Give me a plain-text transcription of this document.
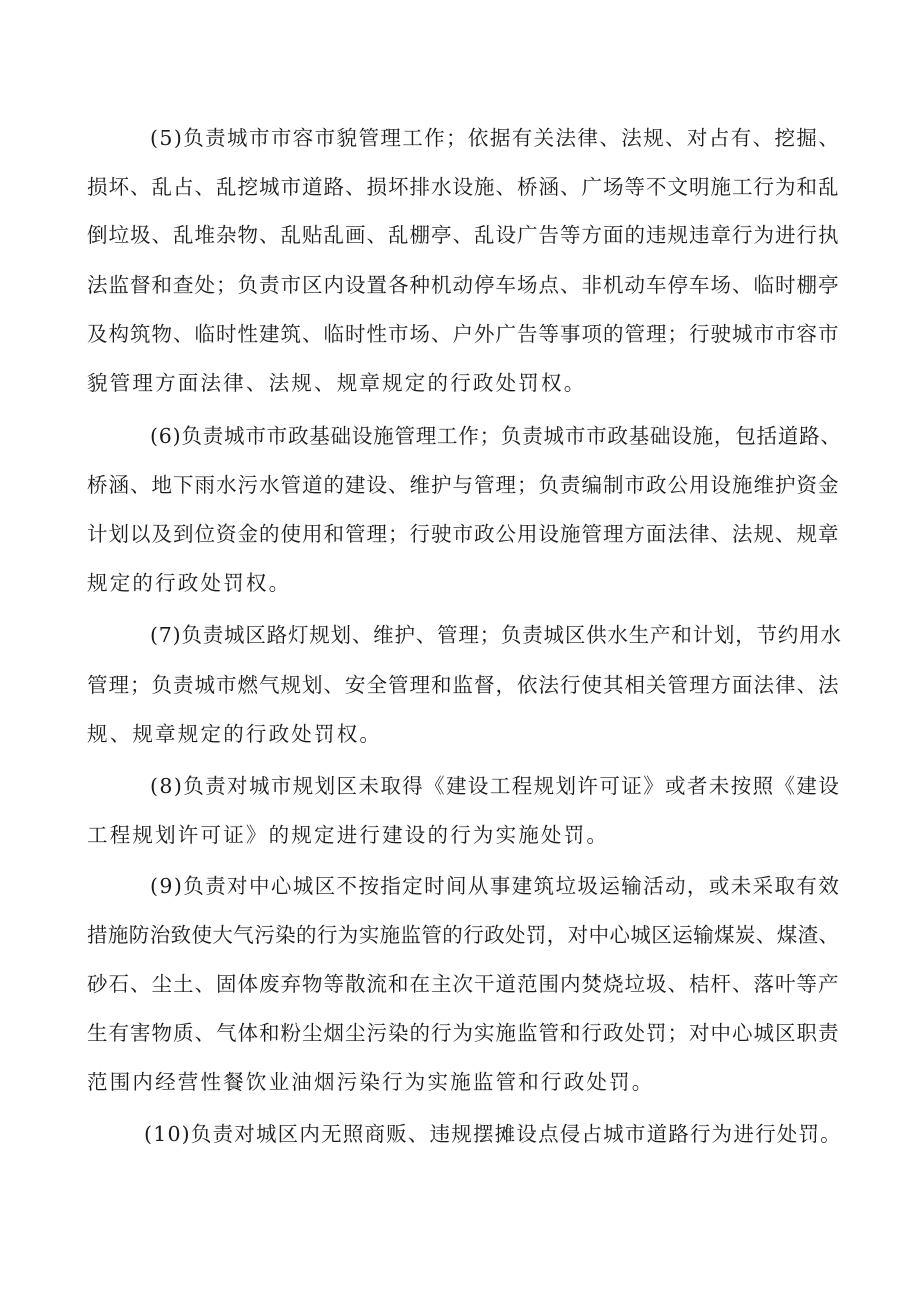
(5)负责城市市容市貌管理工作；依据有关法律、法规、对占有、挖掘、
损坏、乱占、乱挖城市道路、损坏排水设施、桥涵、广场等不文明施工行为和乱
倒垃圾、乱堆杂物、乱贴乱画、乱棚亭、乱设广告等方面的违规违章行为进行执
法监督和查处；负责市区内设置各种机动停车场点、非机动车停车场、临时棚亭
及构筑物、临时性建筑、临时性市场、户外广告等事项的管理；行驶城市市容市
貌管理方面法律、法规、规章规定的行政处罚权。
(6)负责城市市政基础设施管理工作；负责城市市政基础设施，包括道路、
桥涵、地下雨水污水管道的建设、维护与管理；负责编制市政公用设施维护资金
计划以及到位资金的使用和管理；行驶市政公用设施管理方面法律、法规、规章
规定的行政处罚权。
(7)负责城区路灯规划、维护、管理；负责城区供水生产和计划，节约用水
管理；负责城市燃气规划、安全管理和监督，依法行使其相关管理方面法律、法
规、规章规定的行政处罚权。
(8)负责对城市规划区未取得《建设工程规划许可证》或者未按照《建设
工程规划许可证》的规定进行建设的行为实施处罚。
(9)负责对中心城区不按指定时间从事建筑垃圾运输活动，或未采取有效
措施防治致使大气污染的行为实施监管的行政处罚，对中心城区运输煤炭、煤渣、
砂石、尘土、固体废弃物等散流和在主次干道范围内焚烧垃圾、桔杆、落叶等产
生有害物质、气体和粉尘烟尘污染的行为实施监管和行政处罚；对中心城区职责
范围内经营性餐饮业油烟污染行为实施监管和行政处罚。
(10)负责对城区内无照商贩、违规摆摊设点侵占城市道路行为进行处罚。
